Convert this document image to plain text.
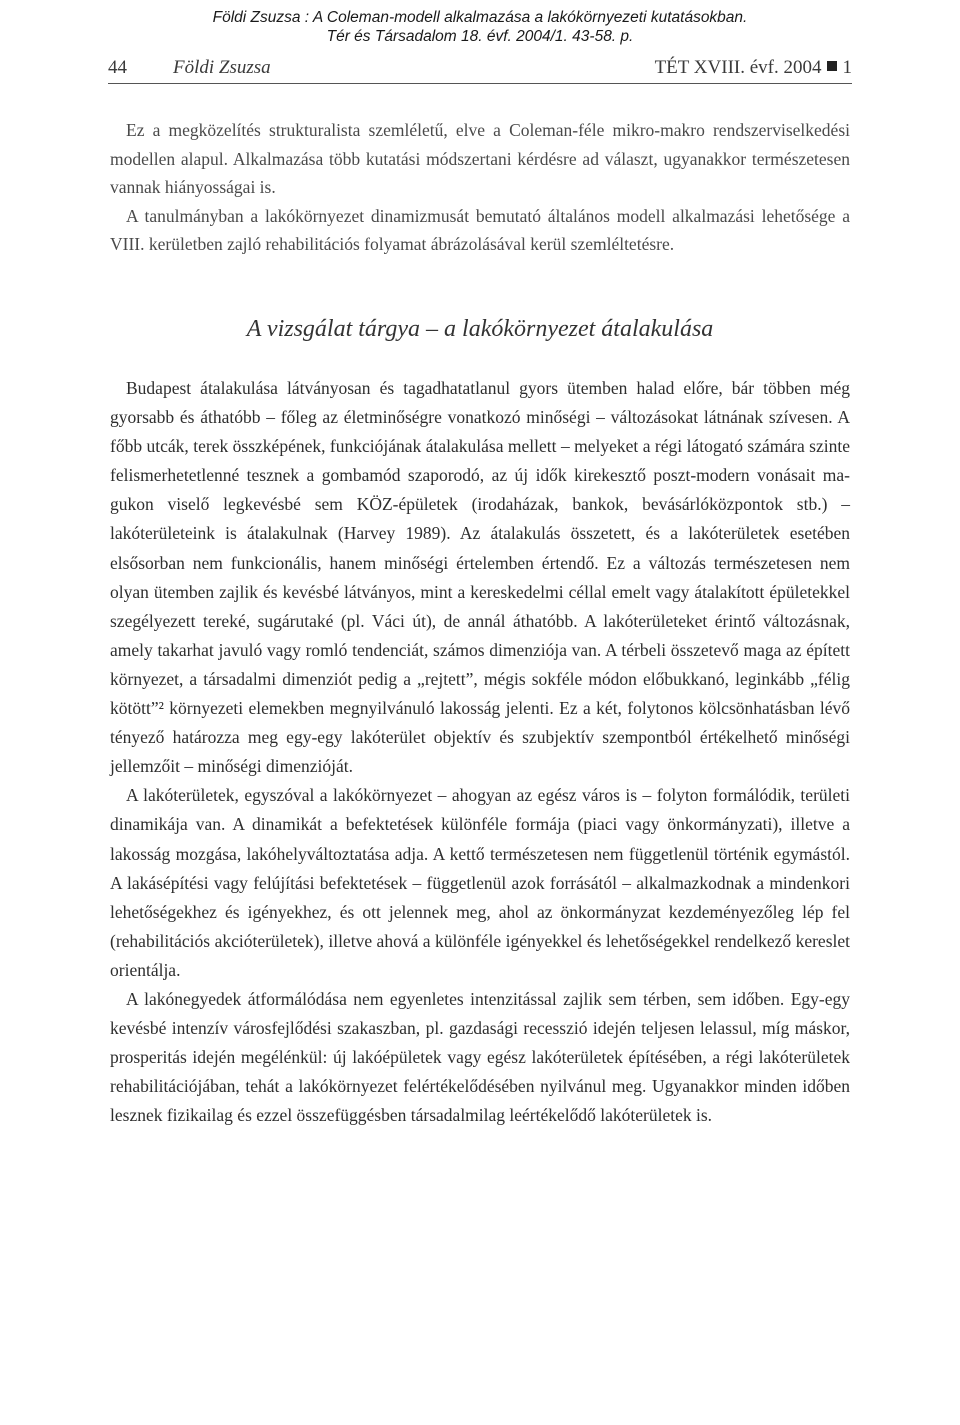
Földi Zsuzsa : A Coleman-modell alkalmazása a lakókörnyezeti kutatásokban.
Tér és Társadalom 18. évf. 2004/1. 43-58. p.
44 Földi Zsuzsa	TÉT XVIII. évf. 2004 1

Ez a megközelítés strukturalista szemléletű, elve a Coleman-féle mikro-makro rendszerviselkedési modellen alapul. Alkalmazása több kutatási módszertani kérdésre ad választ, ugyanakkor természetesen vannak hiányosságai is.

A tanulmányban a lakókörnyezet dinamizmusát bemutató általános modell alkalmazási lehetősége a VIII. kerületben zajló rehabilitációs folyamat ábrázolásával kerül szemléltetésre.

A vizsgálat tárgya – a lakókörnyezet átalakulása

Budapest átalakulása látványosan és tagadhatatlanul gyors ütemben halad előre, bár többen még gyorsabb és áthatóbb – főleg az életminőségre vonatkozó minőségi – változásokat látnának szívesen. A főbb utcák, terek összképének, funkciójának átalakulása mellett – melyeket a régi látogató számára szinte felismerhetetlenné tesznek a gombamód szaporodó, az új idők kirekesztő poszt-modern vonásait magukon viselő legkevésbé sem KÖZ-épületek (irodaházak, bankok, bevásárlóközpontok stb.) – lakóterületeink is átalakulnak (Harvey 1989). Az átalakulás összetett, és a lakóterületek esetében elsősorban nem funkcionális, hanem minőségi értelemben értendő. Ez a változás természetesen nem olyan ütemben zajlik és kevésbé látványos, mint a kereskedelmi céllal emelt vagy átalakított épületekkel szegélyezett tereké, sugárutaké (pl. Váci út), de annál áthatóbb. A lakóterületeket érintő változásnak, amely takarhat javuló vagy romló tendenciát, számos dimenziója van. A térbeli összetevő maga az épített környezet, a társadalmi dimenziót pedig a „rejtett”, mégis sokféle módon előbukkanó, leginkább „félig kötött”² környezeti elemekben megnyilvánuló lakosság jelenti. Ez a két, folytonos kölcsönhatásban lévő tényező határozza meg egy-egy lakóterület objektív és szubjektív szempontból értékelhető minőségi jellemzőit – minőségi dimenzióját.

A lakóterületek, egyszóval a lakókörnyezet – ahogyan az egész város is – folyton formálódik, területi dinamikája van. A dinamikát a befektetések különféle formája (piaci vagy önkormányzati), illetve a lakosság mozgása, lakóhelyváltoztatása adja. A kettő természetesen nem függetlenül történik egymástól. A lakásépítési vagy felújítási befektetések – függetlenül azok forrásától – alkalmazkodnak a mindenkori lehetőségekhez és igényekhez, és ott jelennek meg, ahol az önkormányzat kezdeményezőleg lép fel (rehabilitációs akcióterületek), illetve ahová a különféle igényekkel és lehetőségekkel rendelkező kereslet orientálja.

A lakónegyedek átformálódása nem egyenletes intenzitással zajlik sem térben, sem időben. Egy-egy kevésbé intenzív városfejlődési szakaszban, pl. gazdasági recesszió idején teljesen lelassul, míg máskor, prosperitás idején megélénkül: új lakóépületek vagy egész lakóterületek építésében, a régi lakóterületek rehabilitációjában, tehát a lakókörnyezet felértékelődésében nyilvánul meg. Ugyanakkor minden időben lesznek fizikailag és ezzel összefüggésben társadalmilag leértékelődő lakóterületek is.
